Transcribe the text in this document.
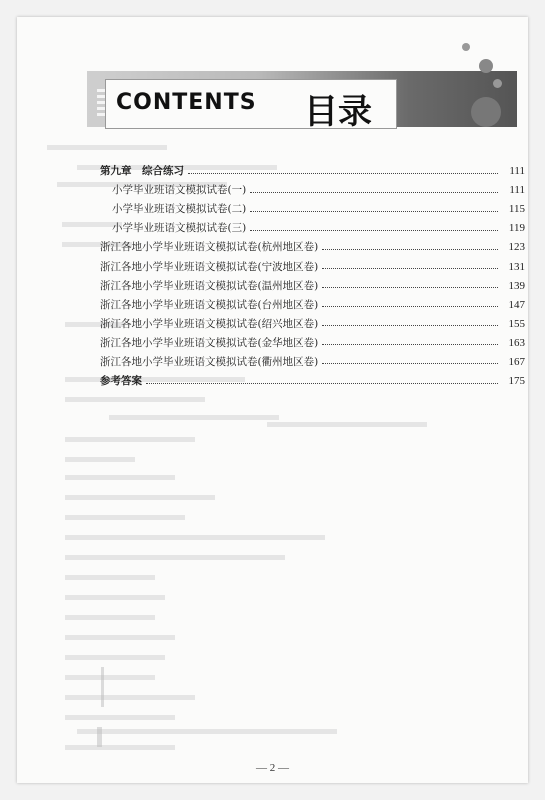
CONTENTS 目录
第九章　综合练习	111
小学毕业班语文模拟试卷(一)	111
小学毕业班语文模拟试卷(二)	115
小学毕业班语文模拟试卷(三)	119
浙江各地小学毕业班语文模拟试卷(杭州地区卷)	123
浙江各地小学毕业班语文模拟试卷(宁波地区卷)	131
浙江各地小学毕业班语文模拟试卷(温州地区卷)	139
浙江各地小学毕业班语文模拟试卷(台州地区卷)	147
浙江各地小学毕业班语文模拟试卷(绍兴地区卷)	155
浙江各地小学毕业班语文模拟试卷(金华地区卷)	163
浙江各地小学毕业班语文模拟试卷(衢州地区卷)	167
参考答案	175
— 2 —
